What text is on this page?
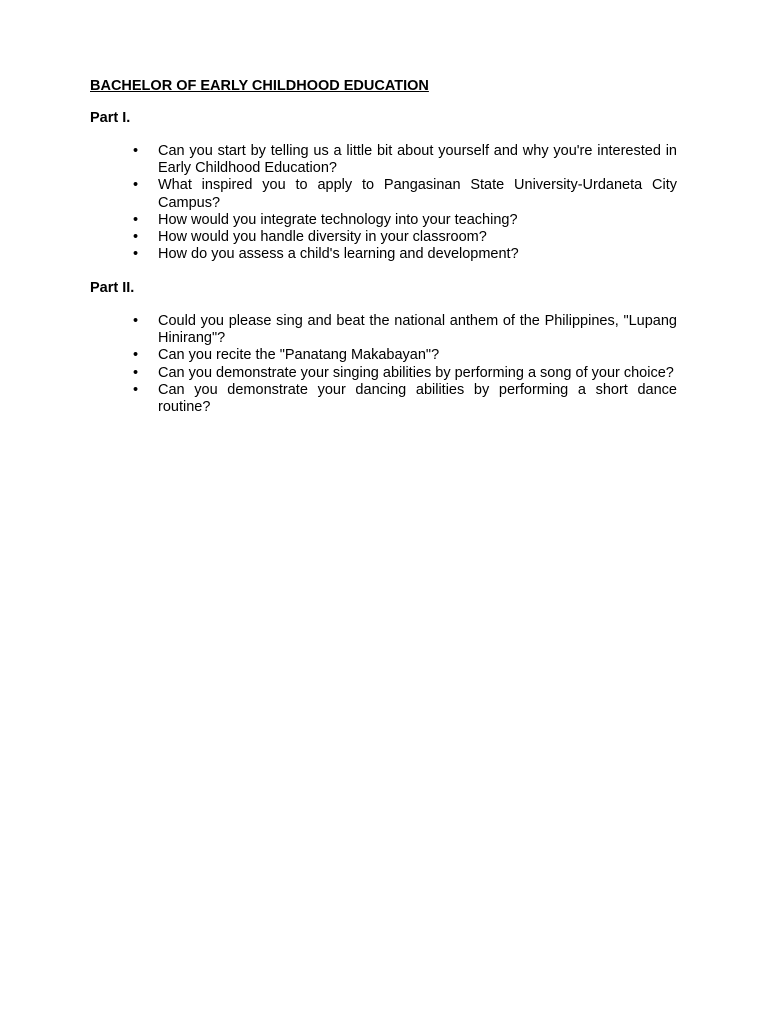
BACHELOR OF EARLY CHILDHOOD EDUCATION
Part I.
• Can you start by telling us a little bit about yourself and why you're interested in Early Childhood Education?
• What inspired you to apply to Pangasinan State University-Urdaneta City Campus?
• How would you integrate technology into your teaching?
• How would you handle diversity in your classroom?
• How do you assess a child's learning and development?
Part II.
• Could you please sing and beat the national anthem of the Philippines, "Lupang Hinirang"?
• Can you recite the "Panatang Makabayan"?
• Can you demonstrate your singing abilities by performing a song of your choice?
• Can you demonstrate your dancing abilities by performing a short dance routine?
